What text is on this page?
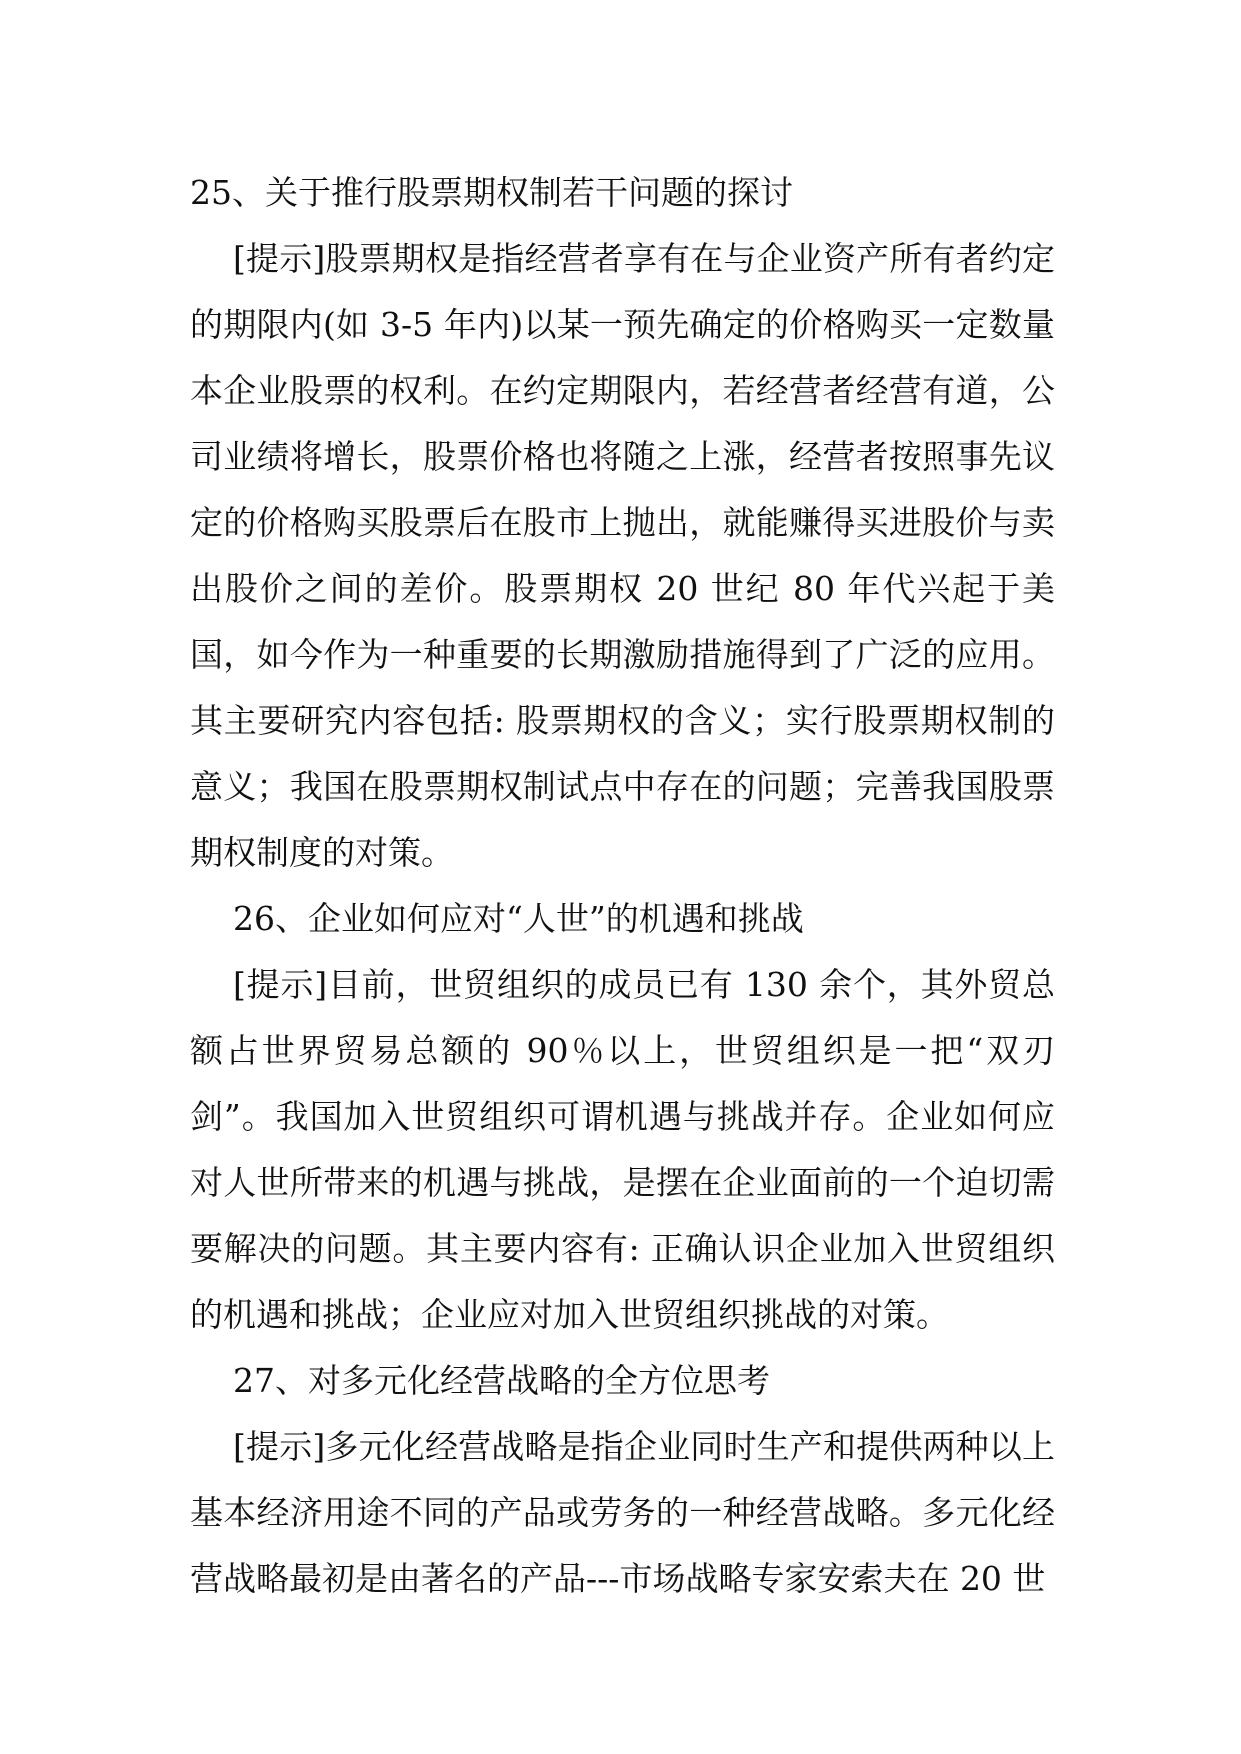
25、关于推行股票期权制若干问题的探讨

[提示]股票期权是指经营者享有在与企业资产所有者约定的期限内(如 3-5 年内)以某一预先确定的价格购买一定数量本企业股票的权利。在约定期限内，若经营者经营有道，公司业绩将增长，股票价格也将随之上涨，经营者按照事先议定的价格购买股票后在股市上抛出，就能赚得买进股价与卖出股价之间的差价。股票期权 20 世纪 80 年代兴起于美国，如今作为一种重要的长期激励措施得到了广泛的应用。其主要研究内容包括: 股票期权的含义；实行股票期权制的意义；我国在股票期权制试点中存在的问题；完善我国股票期权制度的对策。

26、企业如何应对“人世”的机遇和挑战

[提示]目前，世贸组织的成员已有 130 余个，其外贸总额占世界贸易总额的 90％以上，世贸组织是一把“双刃剑”。我国加入世贸组织可谓机遇与挑战并存。企业如何应对人世所带来的机遇与挑战，是摆在企业面前的一个迫切需要解决的问题。其主要内容有: 正确认识企业加入世贸组织的机遇和挑战；企业应对加入世贸组织挑战的对策。

27、对多元化经营战略的全方位思考

[提示]多元化经营战略是指企业同时生产和提供两种以上基本经济用途不同的产品或劳务的一种经营战略。多元化经营战略最初是由著名的产品---市场战略专家安索夫在 20 世
